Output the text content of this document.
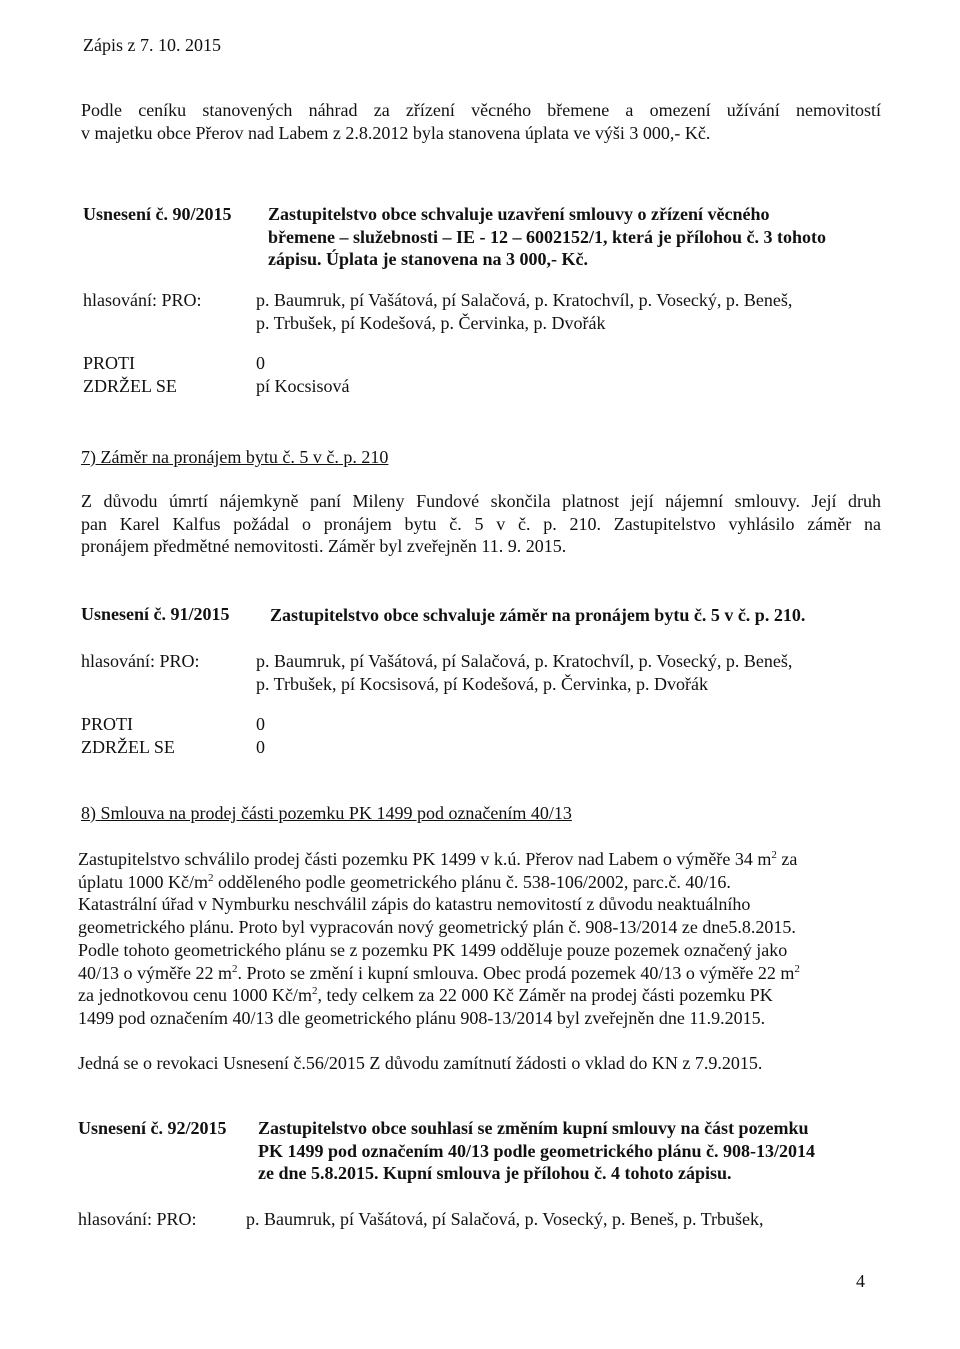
Zápis z 7. 10. 2015

Podle ceníku stanovených náhrad za zřízení věcného břemene a omezení užívání nemovitostí

v majetku obce Přerov nad Labem z 2.8.2012 byla stanovena úplata ve výši 3 000,- Kč.

Usnesení č. 90/2015 Zastupitelstvo obce schvaluje uzavření smlouvy o zřízení věcného
břemene – služebnosti – IE - 12 – 6002152/1, která je přílohou č. 3 tohoto
zápisu. Úplata je stanovena na 3 000,- Kč.
hlasování: PRO:	p. Baumruk, pí Vašátová, pí Salačová, p. Kratochvíl, p. Vosecký, p. Beneš,
p. Trbušek, pí Kodešová, p. Červinka, p. Dvořák
PROTI	0
ZDRŽEL SE	pí Kocsisová
7) Záměr na pronájem bytu č. 5 v č. p. 210

Z důvodu úmrtí nájemkyně paní Mileny Fundové skončila platnost její nájemní smlouvy. Její druh

pan Karel Kalfus požádal o pronájem bytu č. 5 v č. p. 210. Zastupitelstvo vyhlásilo záměr na

pronájem předmětné nemovitosti. Záměr byl zveřejněn 11. 9. 2015.

Usnesení č. 91/2015 Zastupitelstvo obce schvaluje záměr na pronájem bytu č. 5 v č. p. 210.
hlasování: PRO:	p. Baumruk, pí Vašátová, pí Salačová, p. Kratochvíl, p. Vosecký, p. Beneš,
p. Trbušek, pí Kocsisová, pí Kodešová, p. Červinka, p. Dvořák
PROTI	0
ZDRŽEL SE	0
8) Smlouva na prodej části pozemku PK 1499 pod označením 40/13
Zastupitelstvo schválilo prodej části pozemku PK 1499 v k.ú. Přerov nad Labem o výměře 34 $m^2$ za
úplatu 1000 $Kč/m^2$ odděleného podle geometrického plánu č. 538-106/2002, parc.č. 40/16.
Katastrální úřad v Nymburku neschválil zápis do katastru nemovitostí z důvodu neaktuálního
geometrického plánu. Proto byl vypracován nový geometrický plán č. 908-13/2014 ze dne5.8.2015.
Podle tohoto geometrického plánu se z pozemku PK 1499 odděluje pouze pozemek označený jako
40/13 o výměře 22 $m^2$. Proto se změní i kupní smlouva. Obec prodá pozemek 40/13 o výměře 22 $m^2$
za jednotkovou cenu 1000 $Kč/m^2$, tedy celkem za 22 000 Kč Záměr na prodej části pozemku PK
1499 pod označením 40/13 dle geometrického plánu 908-13/2014 byl zveřejněn dne 11.9.2015.
Jedná se o revokaci Usnesení č.56/2015 Z důvodu zamítnutí žádosti o vklad do KN z 7.9.2015.
Usnesení č. 92/2015 Zastupitelstvo obce souhlasí se změním kupní smlouvy na část pozemku
PK 1499 pod označením 40/13 podle geometrického plánu č. 908-13/2014
ze dne 5.8.2015. Kupní smlouva je přílohou č. 4 tohoto zápisu.
hlasování: PRO:	p. Baumruk, pí Vašátová, pí Salačová, p. Vosecký, p. Beneš, p. Trbušek,
4
